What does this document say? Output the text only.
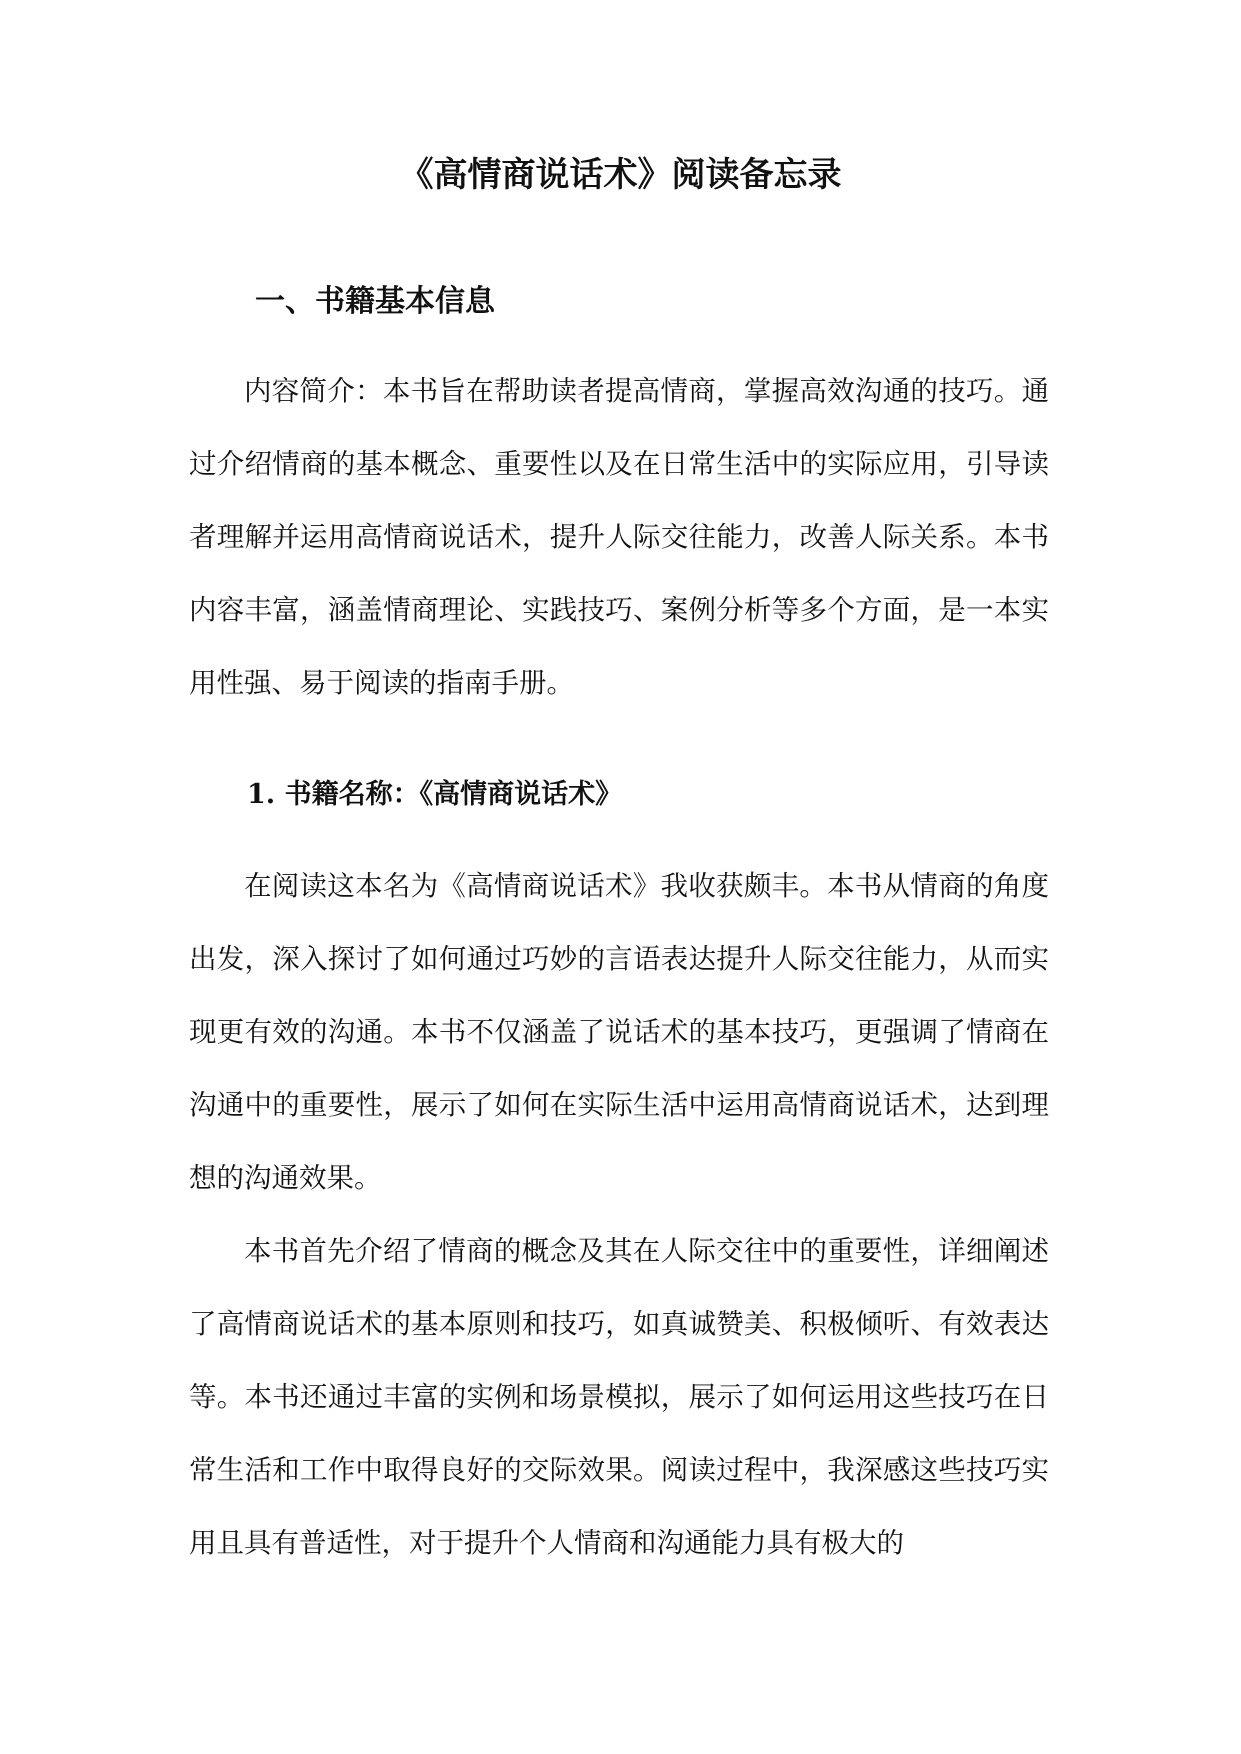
《高情商说话术》阅读备忘录
一、书籍基本信息

内容简介：本书旨在帮助读者提高情商，掌握高效沟通的技巧。通过介绍情商的基本概念、重要性以及在日常生活中的实际应用，引导读者理解并运用高情商说话术，提升人际交往能力，改善人际关系。本书内容丰富，涵盖情商理论、实践技巧、案例分析等多个方面，是一本实用性强、易于阅读的指南手册。

1. 书籍名称：《高情商说话术》

在阅读这本名为《高情商说话术》我收获颇丰。本书从情商的角度出发，深入探讨了如何通过巧妙的言语表达提升人际交往能力，从而实现更有效的沟通。本书不仅涵盖了说话术的基本技巧，更强调了情商在沟通中的重要性，展示了如何在实际生活中运用高情商说话术，达到理想的沟通效果。

本书首先介绍了情商的概念及其在人际交往中的重要性，详细阐述了高情商说话术的基本原则和技巧，如真诚赞美、积极倾听、有效表达等。本书还通过丰富的实例和场景模拟，展示了如何运用这些技巧在日常生活和工作中取得良好的交际效果。阅读过程中，我深感这些技巧实用且具有普适性，对于提升个人情商和沟通能力具有极大的
